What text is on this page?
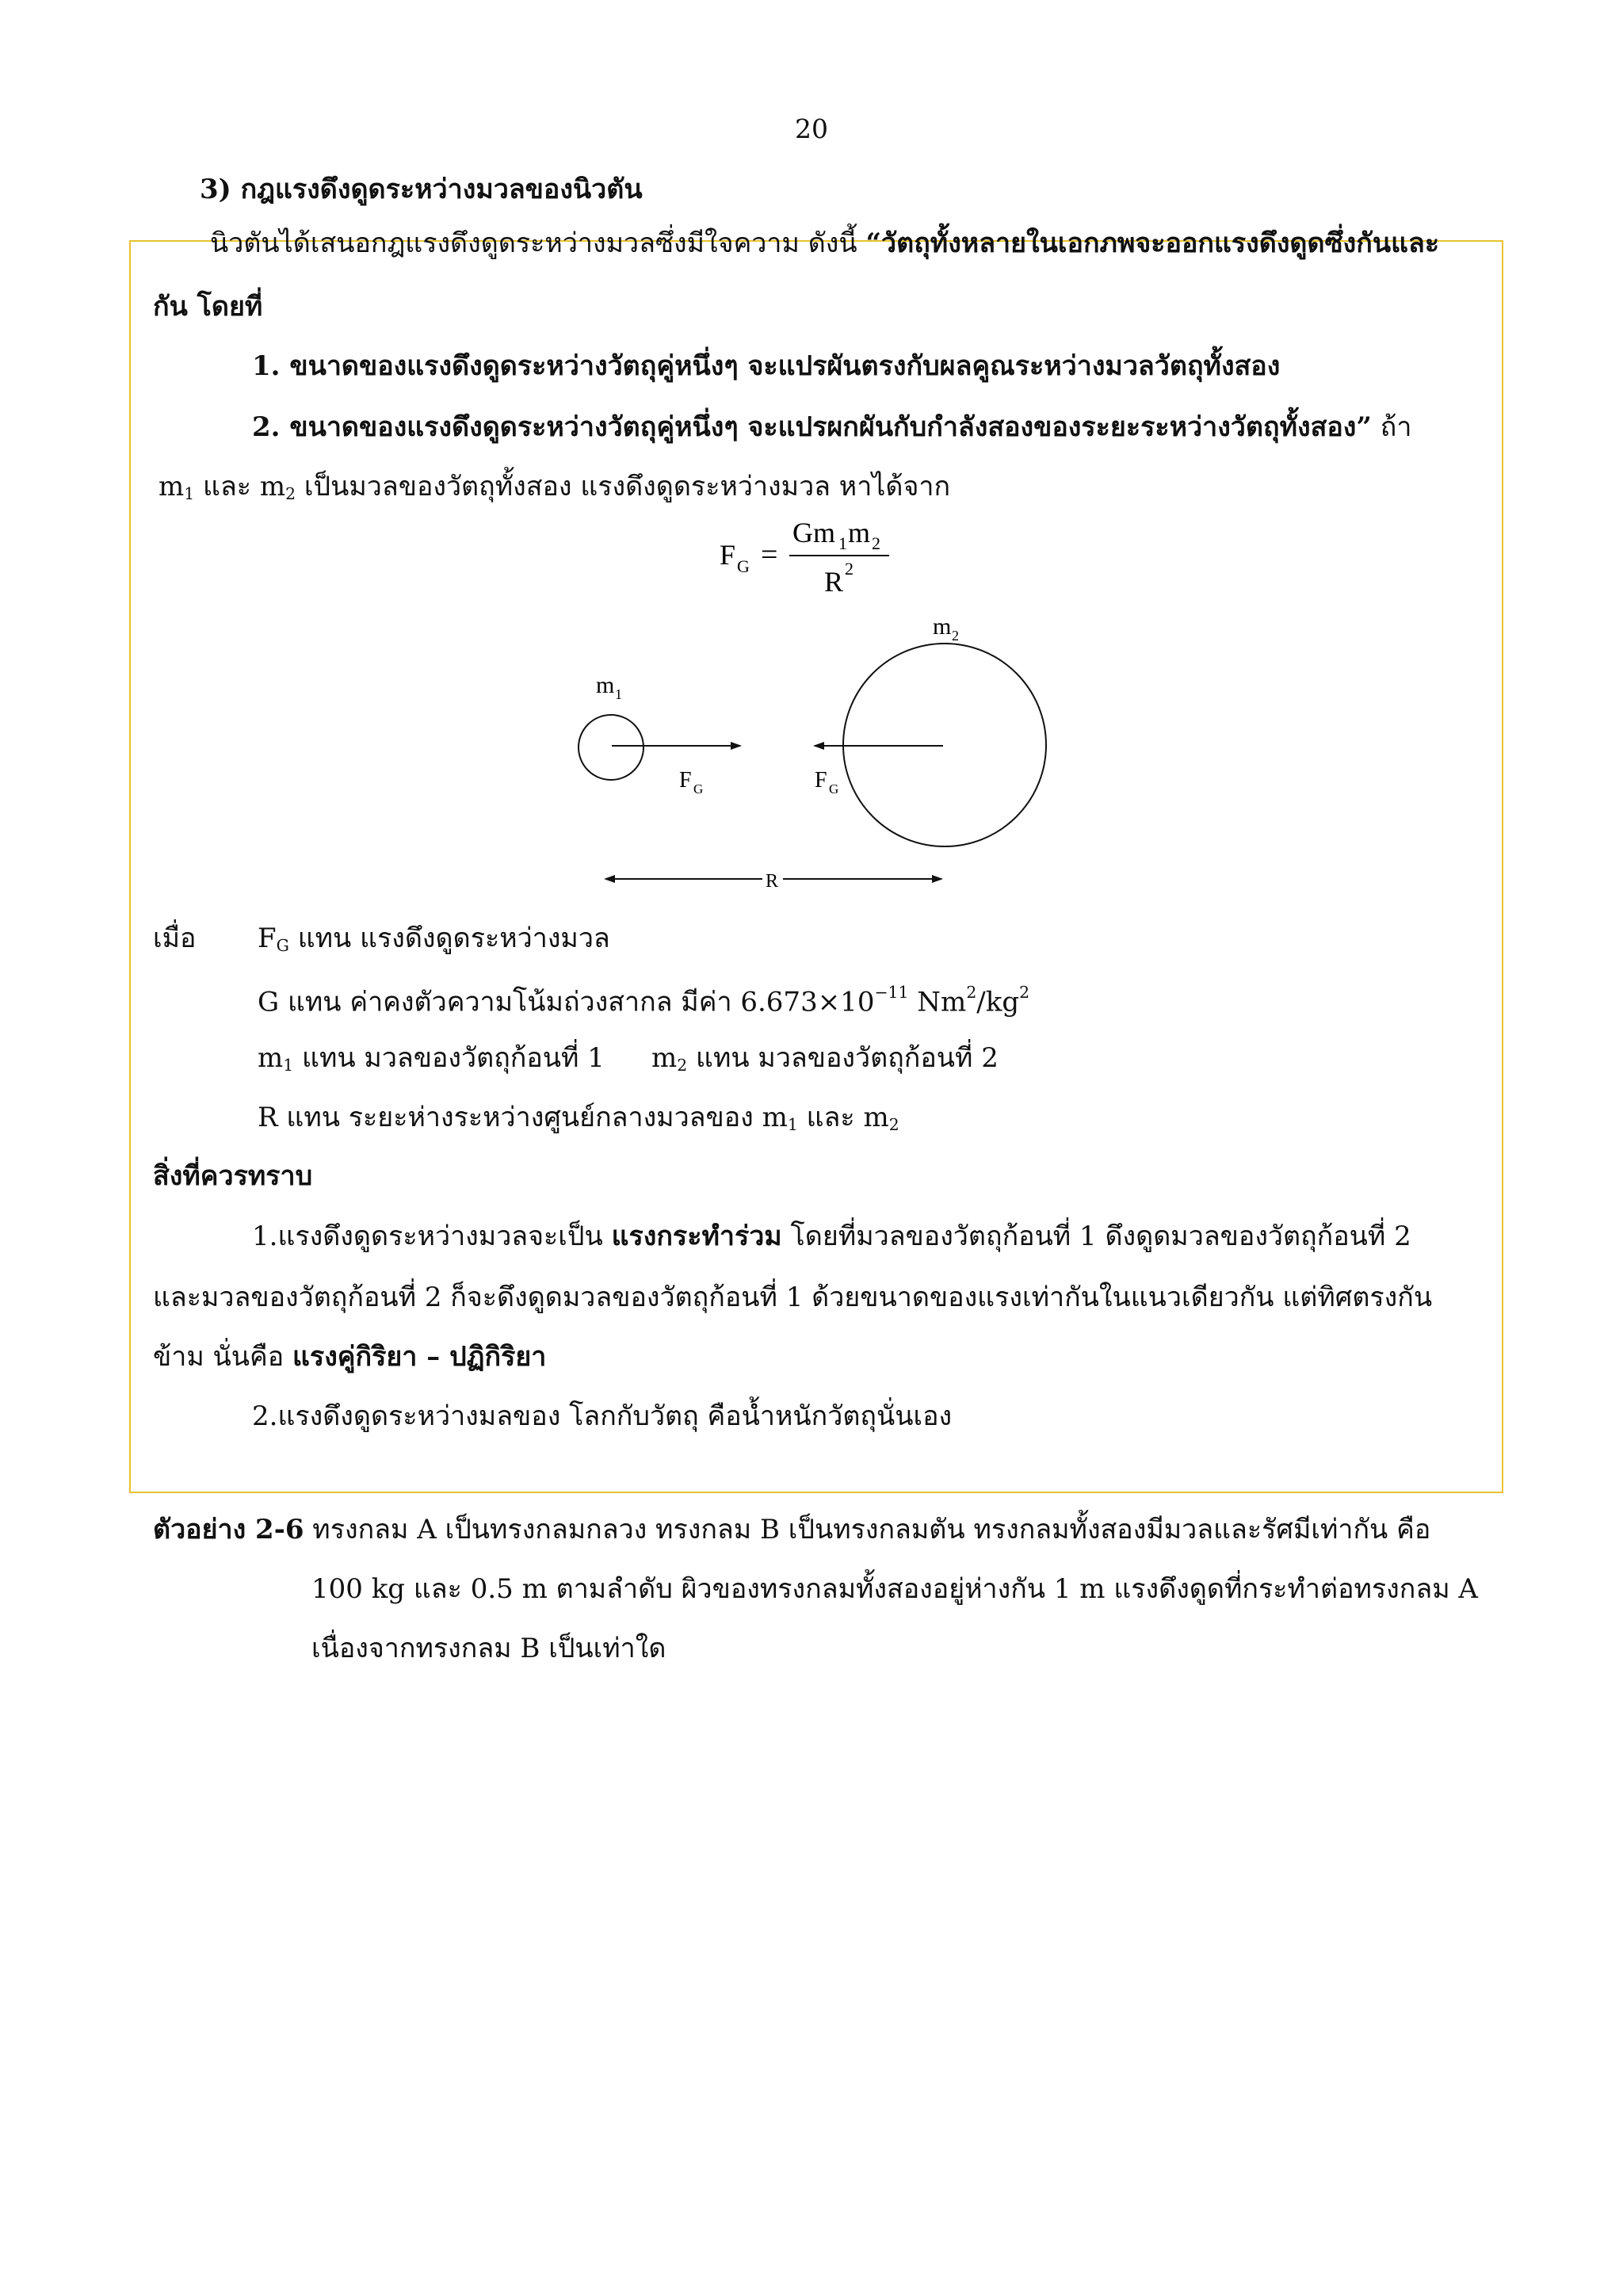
20
3) กฎแรงดึงดูดระหว่างมวลของนิวตัน
นิวตันได้เสนอกฎแรงดึงดูดระหว่างมวลซึ่งมีใจความ ดังนี้ “วัตถุทั้งหลายในเอกภพจะออกแรงดึงดูดซึ่งกันและ
กัน โดยที่
1. ขนาดของแรงดึงดูดระหว่างวัตถุคู่หนึ่งๆ จะแปรผันตรงกับผลคูณระหว่างมวลวัตถุทั้งสอง
2. ขนาดของแรงดึงดูดระหว่างวัตถุคู่หนึ่งๆ จะแปรผกผันกับกำลังสองของระยะระหว่างวัตถุทั้งสอง” ถ้า
$m_1$ และ $m_2$ เป็นมวลของวัตถุทั้งสอง แรงดึงดูดระหว่างมวล หาได้จาก
F G =
Gm 1 m 2
R 2
m 1
F G
m 2
F G
R
เมื่อ $F_G$ แทน แรงดึงดูดระหว่างมวล
G แทน ค่าคงตัวความโน้มถ่วงสากล มีค่า $6.673\times 10^{-11}$ $Nm^2/kg^2$
$m_1$ แทน มวลของวัตถุก้อนที่ 1 $m_2$ แทน มวลของวัตถุก้อนที่ 2
R แทน ระยะห่างระหว่างศูนย์กลางมวลของ $m_1$ และ $m_2$
สิ่งที่ควรทราบ
1.แรงดึงดูดระหว่างมวลจะเป็น แรงกระทำร่วม โดยที่มวลของวัตถุก้อนที่ 1 ดึงดูดมวลของวัตถุก้อนที่ 2
และมวลของวัตถุก้อนที่ 2 ก็จะดึงดูดมวลของวัตถุก้อนที่ 1 ด้วยขนาดของแรงเท่ากันในแนวเดียวกัน แต่ทิศตรงกัน
ข้าม นั่นคือ แรงคู่กิริยา – ปฏิกิริยา
2.แรงดึงดูดระหว่างมลของ โลกกับวัตถุ คือน้ำหนักวัตถุนั่นเอง
ตัวอย่าง 2-6 ทรงกลม A เป็นทรงกลมกลวง ทรงกลม B เป็นทรงกลมตัน ทรงกลมทั้งสองมีมวลและรัศมีเท่ากัน คือ
100 kg และ 0.5 m ตามลำดับ ผิวของทรงกลมทั้งสองอยู่ห่างกัน 1 m แรงดึงดูดที่กระทำต่อทรงกลม A
เนื่องจากทรงกลม B เป็นเท่าใด
